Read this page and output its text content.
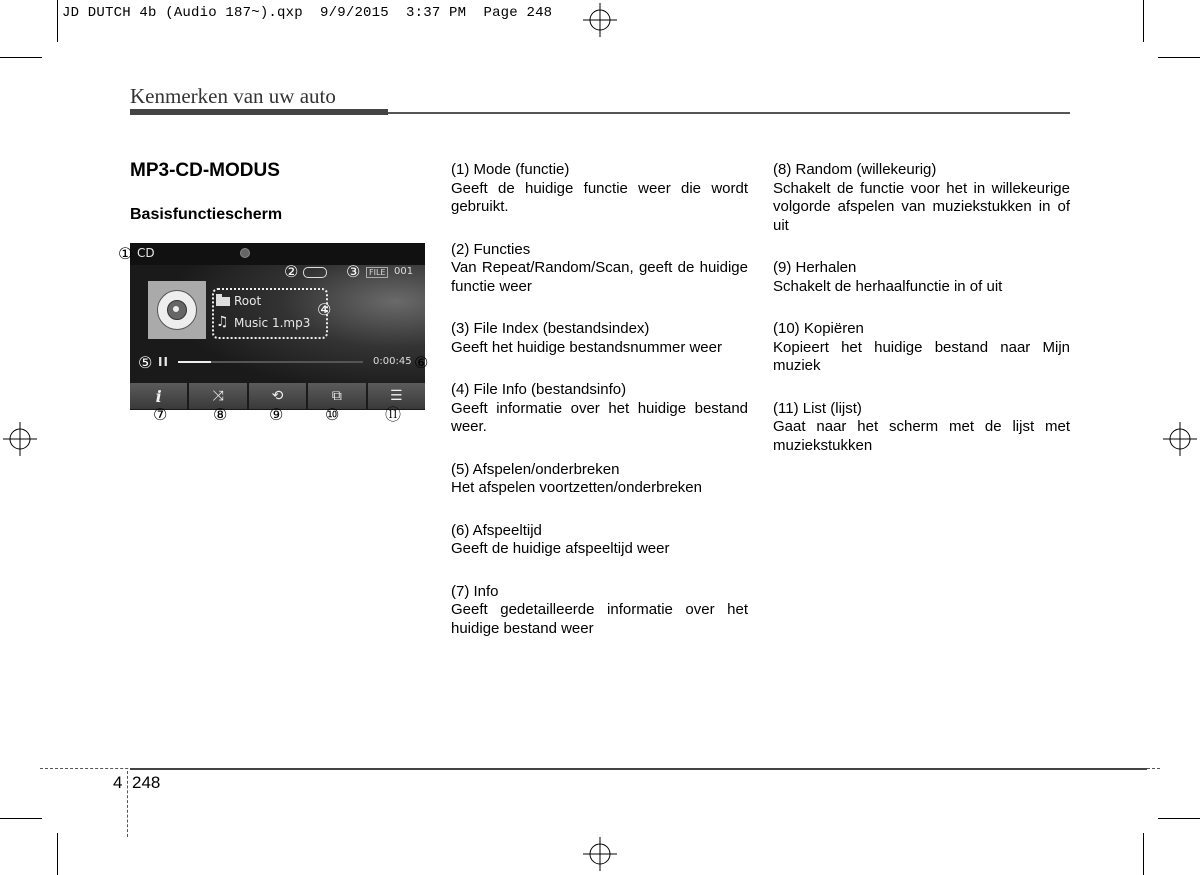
JD DUTCH 4b (Audio 187~).qxp  9/9/2015  3:37 PM  Page 248
Kenmerken van uw auto
MP3-CD-MODUS
Basisfunctiescherm
CD
FILE 001
Root
♫ Music 1.mp3
II	0:00:45
i	⤨	⟲	⧉	☰
①
②	③
④
⑤	⑥
⑦	⑧	⑨	⑩	⑪
(1) Mode (functie)
Geeft de huidige functie weer die wordt gebruikt.
(2) Functies
Van Repeat/Random/Scan, geeft de huidige functie weer
(3) File Index (bestandsindex)
Geeft het huidige bestandsnummer weer
(4) File Info (bestandsinfo)
Geeft informatie over het huidige bestand weer.
(5) Afspelen/onderbreken
Het afspelen voortzetten/onderbreken
(6) Afspeeltijd
Geeft de huidige afspeeltijd weer
(7) Info
Geeft gedetailleerde informatie over het huidige bestand weer
(8) Random (willekeurig)
Schakelt de functie voor het in willekeurige volgorde afspelen van muziekstukken in of uit
(9) Herhalen
Schakelt de herhaalfunctie in of uit
(10) Kopiëren
Kopieert het huidige bestand naar Mijn muziek
(11) List (lijst)
Gaat naar het scherm met de lijst met muziekstukken
4 248
